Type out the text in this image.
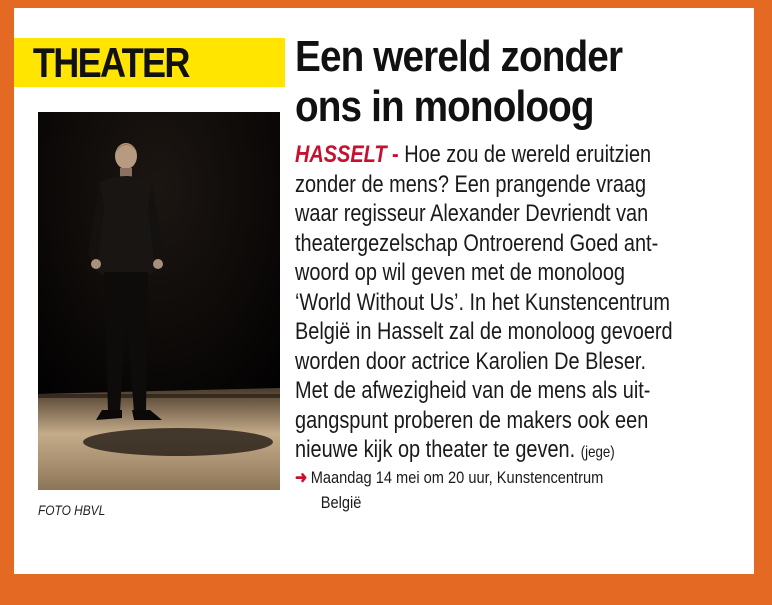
THEATER Een wereld zonder
ons in monoloog
FOTO HBVL
HASSELT - Hoe zou de wereld eruitzien
zonder de mens? Een prangende vraag
waar regisseur Alexander Devriendt van
theatergezelschap Ontroerend Goed ant-
woord op wil geven met de monoloog
‘World Without Us’. In het Kunstencentrum
België in Hasselt zal de monoloog gevoerd
worden door actrice Karolien De Bleser.
Met de afwezigheid van de mens als uit-
gangspunt proberen de makers ook een
nieuwe kijk op theater te geven. (jege)
➜ Maandag 14 mei om 20 uur, Kunstencentrum
België
